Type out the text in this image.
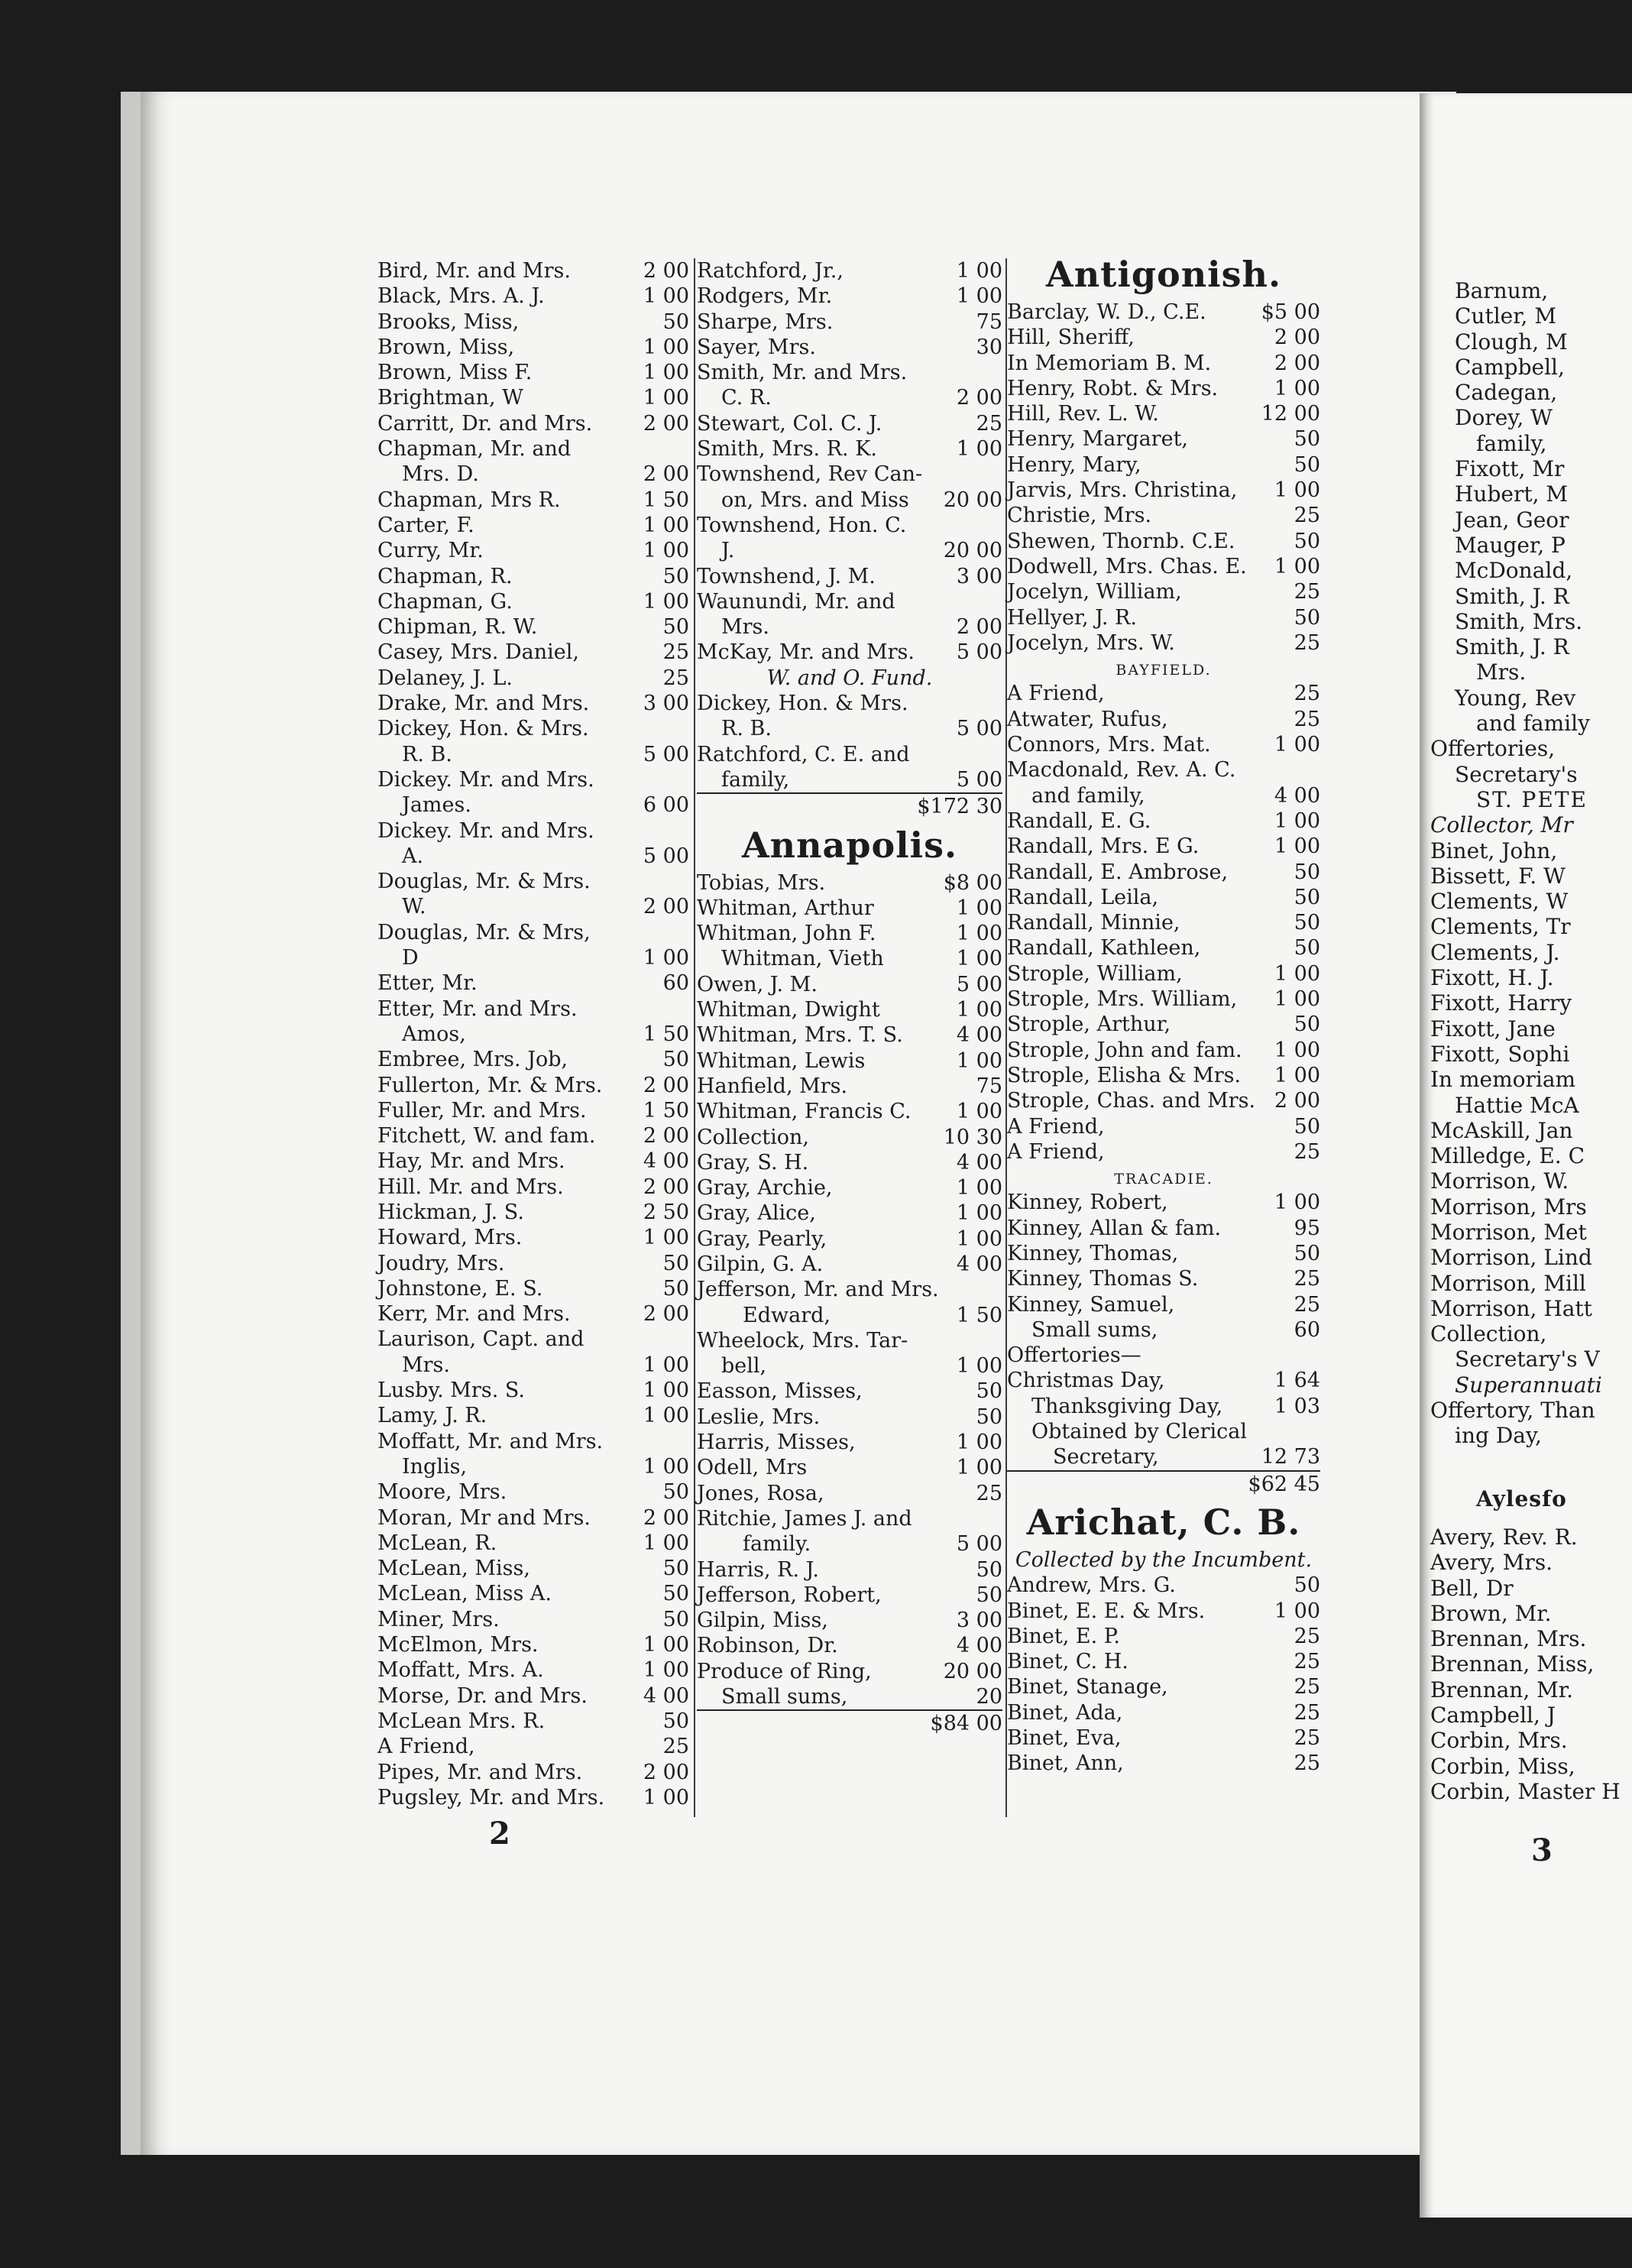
Bird, Mr. and Mrs.	2 00
Black, Mrs. A. J.	1 00
Brooks, Miss,	50
Brown, Miss,	1 00
Brown, Miss F.	1 00
Brightman, W	1 00
Carritt, Dr. and Mrs. 2 00
Chapman, Mr. and
Mrs. D.	2 00
Chapman, Mrs R.	1 50
Carter, F.	1 00
Curry, Mr.	1 00
Chapman, R.	50
Chapman, G.	1 00
Chipman, R. W.	50
Casey, Mrs. Daniel,	25
Delaney, J. L.	25
Drake, Mr. and Mrs.	3 00
Dickey, Hon. & Mrs.
R. B.	5 00
Dickey. Mr. and Mrs.
James.	6 00
Dickey. Mr. and Mrs.
A.	5 00
Douglas, Mr. & Mrs.
W.	2 00
Douglas, Mr. & Mrs,
D	1 00
Etter, Mr.	60
Etter, Mr. and Mrs.
Amos,	1 50
Embree, Mrs. Job,	50
Fullerton, Mr. & Mrs. 2 00
Fuller, Mr. and Mrs.	1 50
Fitchett, W. and fam. 2 00
Hay, Mr. and Mrs.	4 00
Hill. Mr. and Mrs.	2 00
Hickman, J. S.	2 50
Howard, Mrs.	1 00
Joudry, Mrs.	50
Johnstone, E. S.	50
Kerr, Mr. and Mrs.	2 00
Laurison, Capt. and
Mrs.	1 00
Lusby. Mrs. S.	1 00
Lamy, J. R.	1 00
Moffatt, Mr. and Mrs.
Inglis,	1 00
Moore, Mrs.	50
Moran, Mr and Mrs.	2 00
McLean, R.	1 00
McLean, Miss,	50
McLean, Miss A.	50
Miner, Mrs.	50
McElmon, Mrs.	1 00
Moffatt, Mrs. A.	1 00
Morse, Dr. and Mrs.	4 00
McLean Mrs. R.	50
A Friend,	25
Pipes, Mr. and Mrs.	2 00
Pugsley, Mr. and Mrs. 1 00
Ratchford, Jr.,	1 00
Rodgers, Mr.	1 00
Sharpe, Mrs.	75
Sayer, Mrs.	30
Smith, Mr. and Mrs.
C. R.	2 00
Stewart, Col. C. J.	25
Smith, Mrs. R. K.	1 00
Townshend, Rev Can-
on, Mrs. and Miss 20 00
Townshend, Hon. C.
J.	20 00
Townshend, J. M.	3 00
Waunundi, Mr. and
Mrs.	2 00
McKay, Mr. and Mrs. 5 00
W. and O. Fund.
Dickey, Hon. & Mrs.
R. B.	5 00
Ratchford, C. E. and
family,	5 00
$172 30
Annapolis.
Tobias, Mrs.	$8 00
Whitman, Arthur	1 00
Whitman, John F.	1 00
Whitman, Vieth	1 00
Owen, J. M.	5 00
Whitman, Dwight	1 00
Whitman, Mrs. T. S.	4 00
Whitman, Lewis	1 00
Hanfield, Mrs.	75
Whitman, Francis C. 1 00
Collection,	10 30
Gray, S. H.	4 00
Gray, Archie,	1 00
Gray, Alice,	1 00
Gray, Pearly,	1 00
Gilpin, G. A.	4 00
Jefferson, Mr. and Mrs.
Edward,	1 50
Wheelock, Mrs. Tar-
bell,	1 00
Easson, Misses,	50
Leslie, Mrs.	50
Harris, Misses,	1 00
Odell, Mrs	1 00
Jones, Rosa,	25
Ritchie, James J. and
family.	5 00
Harris, R. J.	50
Jefferson, Robert,	50
Gilpin, Miss,	3 00
Robinson, Dr.	4 00
Produce of Ring,	20 00
Small sums,	20
$84 00
Antigonish.
Barclay, W. D., C.E.	$5 00
Hill, Sheriff,	2 00
In Memoriam B. M.	2 00
Henry, Robt. & Mrs.	1 00
Hill, Rev. L. W.	12 00
Henry, Margaret,	50
Henry, Mary,	50
Jarvis, Mrs. Christina, 1 00
Christie, Mrs.	25
Shewen, Thornb. C.E.	50
Dodwell, Mrs. Chas. E. 1 00
Jocelyn, William,	25
Hellyer, J. R.	50
Jocelyn, Mrs. W.	25
BAYFIELD.
A Friend,	25
Atwater, Rufus,	25
Connors, Mrs. Mat.	1 00
Macdonald, Rev. A. C.
and family,	4 00
Randall, E. G.	1 00
Randall, Mrs. E G.	1 00
Randall, E. Ambrose,	50
Randall, Leila,	50
Randall, Minnie,	50
Randall, Kathleen,	50
Strople, William,	1 00
Strople, Mrs. William, 1 00
Strople, Arthur,	50
Strople, John and fam. 1 00
Strople, Elisha & Mrs. 1 00
Strople, Chas. and Mrs. 2 00
A Friend,	50
A Friend,	25
TRACADIE.
Kinney, Robert,	1 00
Kinney, Allan & fam.	95
Kinney, Thomas,	50
Kinney, Thomas S.	25
Kinney, Samuel,	25
Small sums,	60
Offertories—
Christmas Day,	1 64
Thanksgiving Day,	1 03
Obtained by Clerical
Secretary,	12 73
$62 45
Arichat, C. B.
Collected by the Incumbent.
Andrew, Mrs. G.	50
Binet, E. E. & Mrs.	1 00
Binet, E. P.	25
Binet, C. H.	25
Binet, Stanage,	25
Binet, Ada,	25
Binet, Eva,	25
Binet, Ann,	25
2
Barnum,
Cutler, M
Clough, M
Campbell,
Cadegan,
Dorey, W
family,
Fixott, Mr
Hubert, M
Jean, Geor
Mauger, P
McDonald,
Smith, J. R
Smith, Mrs.
Smith, J. R
Mrs.
Young, Rev
and family
Offertories,
Secretary's
ST. PETE
Collector, Mr
Binet, John,
Bissett, F. W
Clements, W
Clements, Tr
Clements, J.
Fixott, H. J.
Fixott, Harry
Fixott, Jane
Fixott, Sophi
In memoriam
Hattie McA
McAskill, Jan
Milledge, E. C
Morrison, W.
Morrison, Mrs
Morrison, Met
Morrison, Lind
Morrison, Mill
Morrison, Hatt
Collection,
Secretary's V
Superannuati
Offertory, Than
ing Day,
Aylesfo
Avery, Rev. R.
Avery, Mrs.
Bell, Dr
Brown, Mr.
Brennan, Mrs.
Brennan, Miss,
Brennan, Mr.
Campbell, J
Corbin, Mrs.
Corbin, Miss,
Corbin, Master H
3
